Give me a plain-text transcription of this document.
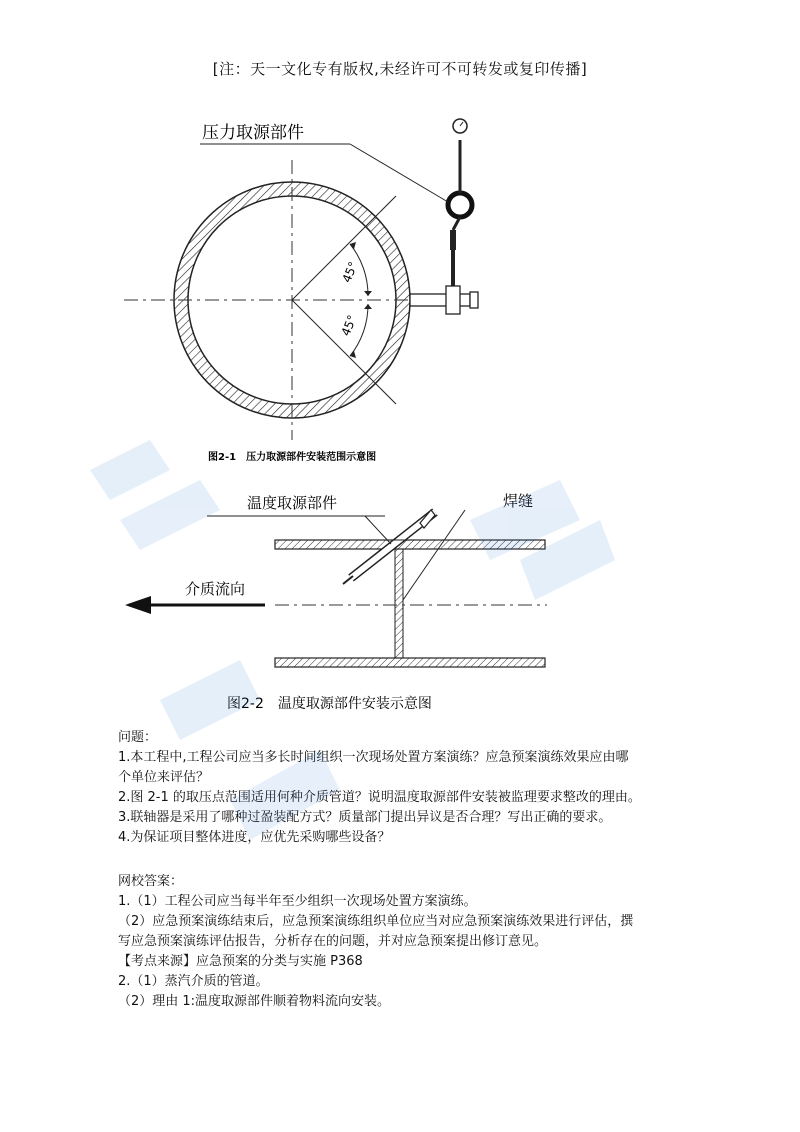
[注：天一文化专有版权,未经许可不可转发或复印传播]
45°
45°
压力取源部件
图2-1　压力取源部件安装范围示意图
温度取源部件	焊缝
介质流向
图2-2　温度取源部件安装示意图
问题：
1.本工程中,工程公司应当多长时间组织一次现场处置方案演练？应急预案演练效果应由哪
个单位来评估？
2.图 2-1 的取压点范围适用何种介质管道？说明温度取源部件安装被监理要求整改的理由。
3.联轴器是采用了哪种过盈装配方式？质量部门提出异议是否合理？写出正确的要求。
4.为保证项目整体进度，应优先采购哪些设备？
网校答案：
1.（1）工程公司应当每半年至少组织一次现场处置方案演练。
（2）应急预案演练结束后，应急预案演练组织单位应当对应急预案演练效果进行评估，撰
写应急预案演练评估报告，分析存在的问题，并对应急预案提出修订意见。
【考点来源】应急预案的分类与实施 P368
2.（1）蒸汽介质的管道。
（2）理由 1:温度取源部件顺着物料流向安装。
